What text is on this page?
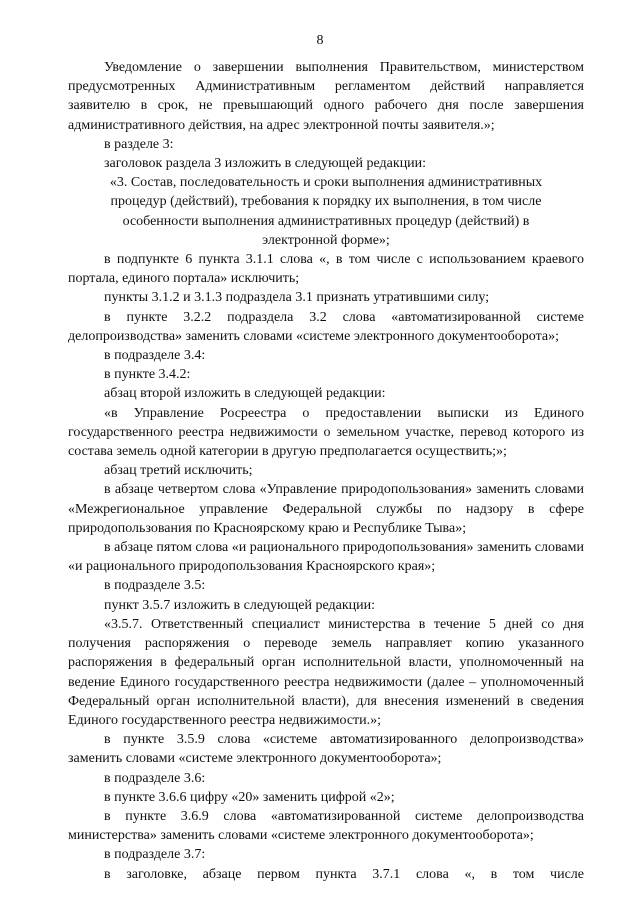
8

Уведомление о завершении выполнения Правительством, министерством предусмотренных Административным регламентом действий направляется заявителю в срок, не превышающий одного рабочего дня после завершения административного действия, на адрес электронной почты заявителя.»;

в разделе 3:

заголовок раздела 3 изложить в следующей редакции:

«3. Состав, последовательность и сроки выполнения административных процедур (действий), требования к порядку их выполнения, в том числе особенности выполнения административных процедур (действий) в электронной форме»;

в подпункте 6 пункта 3.1.1 слова «, в том числе с использованием краевого портала, единого портала» исключить;

пункты 3.1.2 и 3.1.3 подраздела 3.1 признать утратившими силу;

в пункте 3.2.2 подраздела 3.2 слова «автоматизированной системе делопроизводства» заменить словами «системе электронного документооборота»;

в подразделе 3.4:

в пункте 3.4.2:

абзац второй изложить в следующей редакции:

«в Управление Росреестра о предоставлении выписки из Единого государственного реестра недвижимости о земельном участке, перевод которого из состава земель одной категории в другую предполагается осуществить;»;

абзац третий исключить;

в абзаце четвертом слова «Управление природопользования» заменить словами «Межрегиональное управление Федеральной службы по надзору в сфере природопользования по Красноярскому краю и Республике Тыва»;

в абзаце пятом слова «и рационального природопользования» заменить словами «и рационального природопользования Красноярского края»;

в подразделе 3.5:

пункт 3.5.7 изложить в следующей редакции:

«3.5.7. Ответственный специалист министерства в течение 5 дней со дня получения распоряжения о переводе земель направляет копию указанного распоряжения в федеральный орган исполнительной власти, уполномоченный на ведение Единого государственного реестра недвижимости (далее – уполномоченный Федеральный орган исполнительной власти), для внесения изменений в сведения Единого государственного реестра недвижимости.»;

в пункте 3.5.9 слова «системе автоматизированного делопроизводства» заменить словами «системе электронного документооборота»;

в подразделе 3.6:

в пункте 3.6.6 цифру «20» заменить цифрой «2»;

в пункте 3.6.9 слова «автоматизированной системе делопроизводства министерства» заменить словами «системе электронного документооборота»;

в подразделе 3.7:

в заголовке, абзаце первом пункта 3.7.1 слова «, в том числе
